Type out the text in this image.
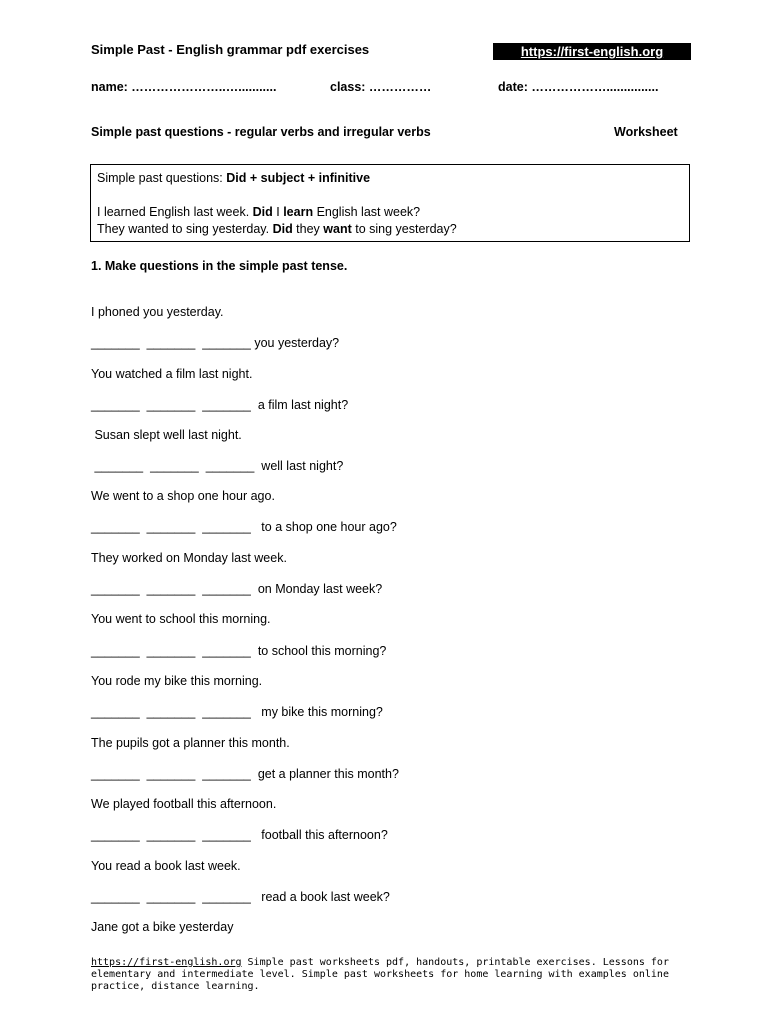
Simple Past - English grammar pdf exercises	https://first-english.org
name: …………………..…...........	class: ……………	date: ………………...............
Simple past questions - regular verbs and irregular verbs	Worksheet
Simple past questions: Did + subject + infinitive
I learned English last week. Did I learn English last week?
They wanted to sing yesterday. Did they want to sing yesterday?
1. Make questions in the simple past tense.
I phoned you yesterday.
_______  _______  _______ you yesterday?
You watched a film last night.
_______  _______  _______  a film last night?
Susan slept well last night.
_______  _______  _______  well last night?
We went to a shop one hour ago.
_______  _______  _______   to a shop one hour ago?
They worked on Monday last week.
_______  _______  _______  on Monday last week?
You went to school this morning.
_______  _______  _______  to school this morning?
You rode my bike this morning.
_______  _______  _______   my bike this morning?
The pupils got a planner this month.
_______  _______  _______  get a planner this month?
We played football this afternoon.
_______  _______  _______   football this afternoon?
You read a book last week.
_______  _______  _______   read a book last week?
Jane got a bike yesterday
https://first-english.org Simple past worksheets pdf, handouts, printable exercises. Lessons for elementary and intermediate level. Simple past worksheets for home learning with examples online practice, distance learning.
